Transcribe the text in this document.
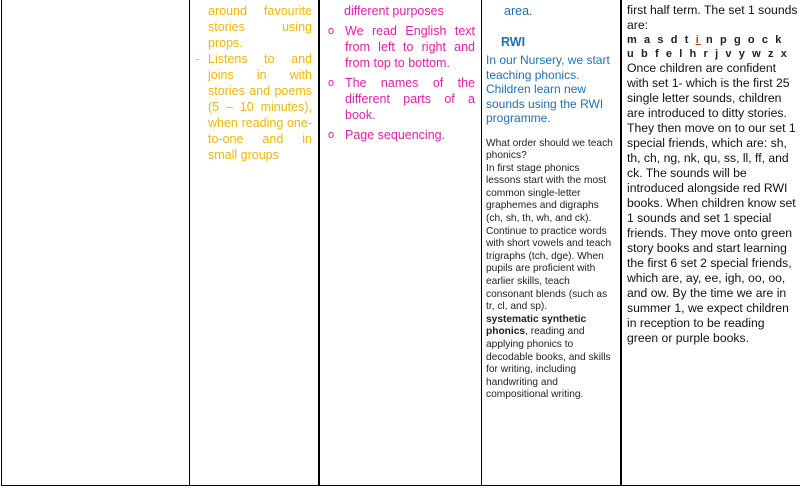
around favourite stories using props.
- Listens to and joins in with stories and poems (5 – 10 minutes), when reading one-to-one and in small groups

different purposes
o We read English text from left to right and from top to bottom.
o The names of the different parts of a book.
o Page sequencing.

area.
RWI
In our Nursery, we start teaching phonics. Children learn new sounds using the RWI programme.
What order should we teach phonics?
In first stage phonics lessons start with the most common single-letter graphemes and digraphs (ch, sh, th, wh, and ck). Continue to practice words with short vowels and teach trigraphs (tch, dge). When pupils are proficient with earlier skills, teach consonant blends (such as tr, cl, and sp).
systematic synthetic phonics, reading and applying phonics to decodable books, and skills for writing, including handwriting and compositional writing.

first half term. The set 1 sounds are:
m a s d t i n p g o c k
u b f e l h r j v y w z x
Once children are confident with set 1- which is the first 25 single letter sounds, children are introduced to ditty stories. They then move on to our set 1 special friends, which are: sh, th, ch, ng, nk, qu, ss, ll, ff, and ck. The sounds will be introduced alongside red RWI books. When children know set 1 sounds and set 1 special friends. They move onto green story books and start learning the first 6 set 2 special friends, which are, ay, ee, igh, oo, oo, and ow. By the time we are in summer 1, we expect children in reception to be reading green or purple books.
